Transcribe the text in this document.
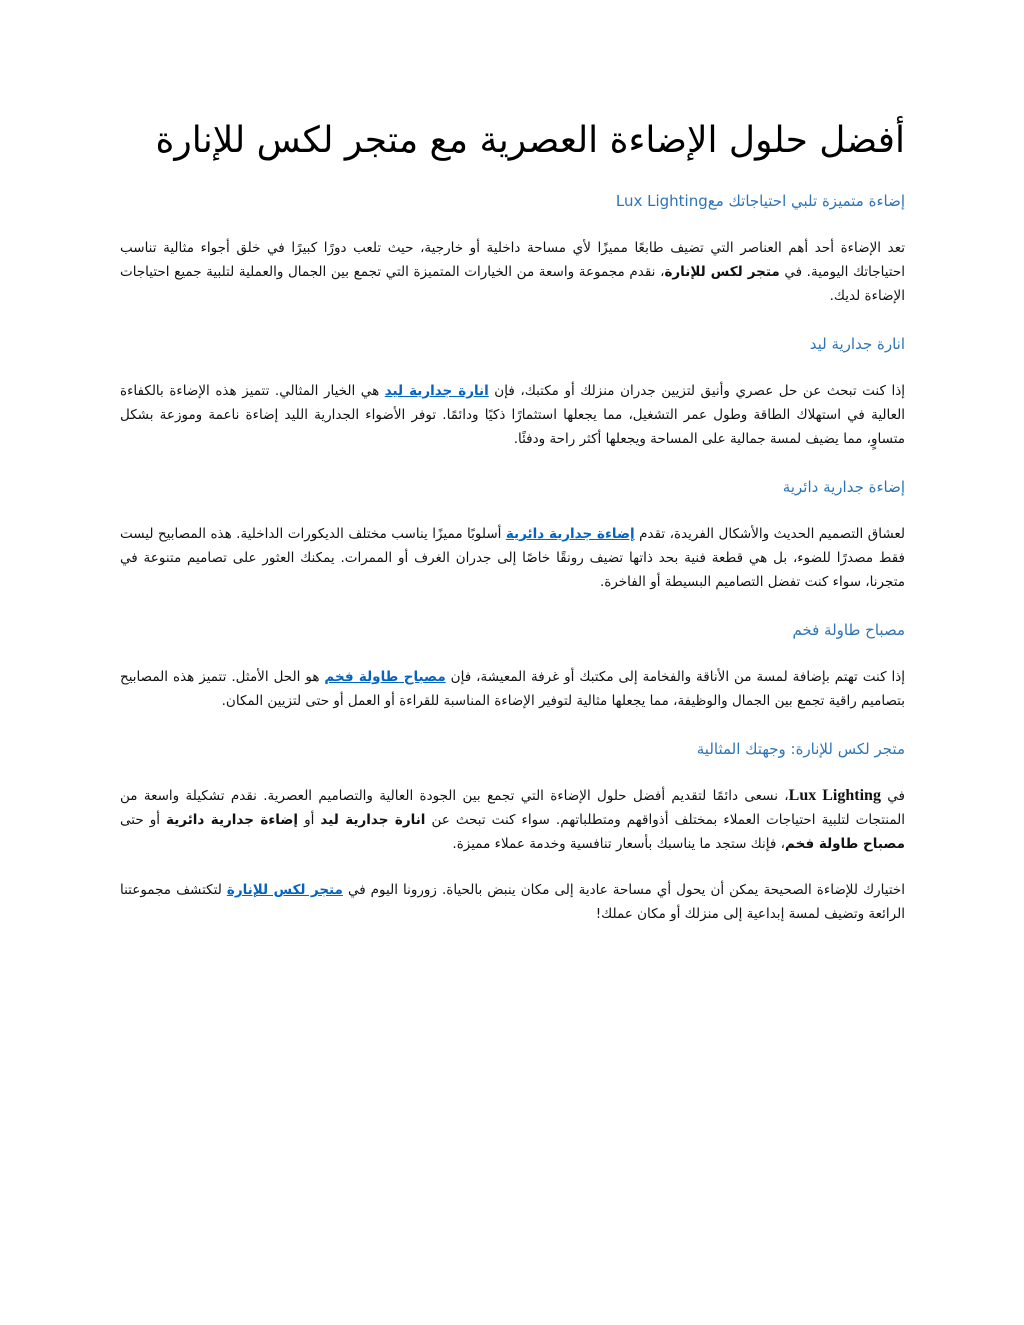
أفضل حلول الإضاءة العصرية مع متجر لكس للإنارة
إضاءة متميزة تلبي احتياجاتك معLux Lighting

تعد الإضاءة أحد أهم العناصر التي تضيف طابعًا مميزًا لأي مساحة داخلية أو خارجية، حيث تلعب دورًا كبيرًا في خلق أجواء مثالية تناسب احتياجاتك اليومية. في متجر لكس للإنارة، نقدم مجموعة واسعة من الخيارات المتميزة التي تجمع بين الجمال والعملية لتلبية جميع احتياجات الإضاءة لديك.

انارة جدارية ليد

إذا كنت تبحث عن حل عصري وأنيق لتزيين جدران منزلك أو مكتبك، فإن انارة جدارية ليد هي الخيار المثالي. تتميز هذه الإضاءة بالكفاءة العالية في استهلاك الطاقة وطول عمر التشغيل، مما يجعلها استثمارًا ذكيًا ودائمًا. توفر الأضواء الجدارية الليد إضاءة ناعمة وموزعة بشكل متساوٍ، مما يضيف لمسة جمالية على المساحة ويجعلها أكثر راحة ودفئًا.

إضاءة جدارية دائرية

لعشاق التصميم الحديث والأشكال الفريدة، تقدم إضاءة جدارية دائرية أسلوبًا مميزًا يناسب مختلف الديكورات الداخلية. هذه المصابيح ليست فقط مصدرًا للضوء، بل هي قطعة فنية بحد ذاتها تضيف رونقًا خاصًا إلى جدران الغرف أو الممرات. يمكنك العثور على تصاميم متنوعة في متجرنا، سواء كنت تفضل التصاميم البسيطة أو الفاخرة.

مصباح طاولة فخم

إذا كنت تهتم بإضافة لمسة من الأناقة والفخامة إلى مكتبك أو غرفة المعيشة، فإن مصباح طاولة فخم هو الحل الأمثل. تتميز هذه المصابيح بتصاميم راقية تجمع بين الجمال والوظيفة، مما يجعلها مثالية لتوفير الإضاءة المناسبة للقراءة أو العمل أو حتى لتزيين المكان.

متجر لكس للإنارة: وجهتك المثالية

في Lux Lighting، نسعى دائمًا لتقديم أفضل حلول الإضاءة التي تجمع بين الجودة العالية والتصاميم العصرية. نقدم تشكيلة واسعة من المنتجات لتلبية احتياجات العملاء بمختلف أذواقهم ومتطلباتهم. سواء كنت تبحث عن انارة جدارية ليد أو إضاءة جدارية دائرية أو حتى مصباح طاولة فخم، فإنك ستجد ما يناسبك بأسعار تنافسية وخدمة عملاء مميزة.

اختيارك للإضاءة الصحيحة يمكن أن يحول أي مساحة عادية إلى مكان ينبض بالحياة. زورونا اليوم في متجر لكس للإنارة لتكتشف مجموعتنا الرائعة وتضيف لمسة إبداعية إلى منزلك أو مكان عملك!
